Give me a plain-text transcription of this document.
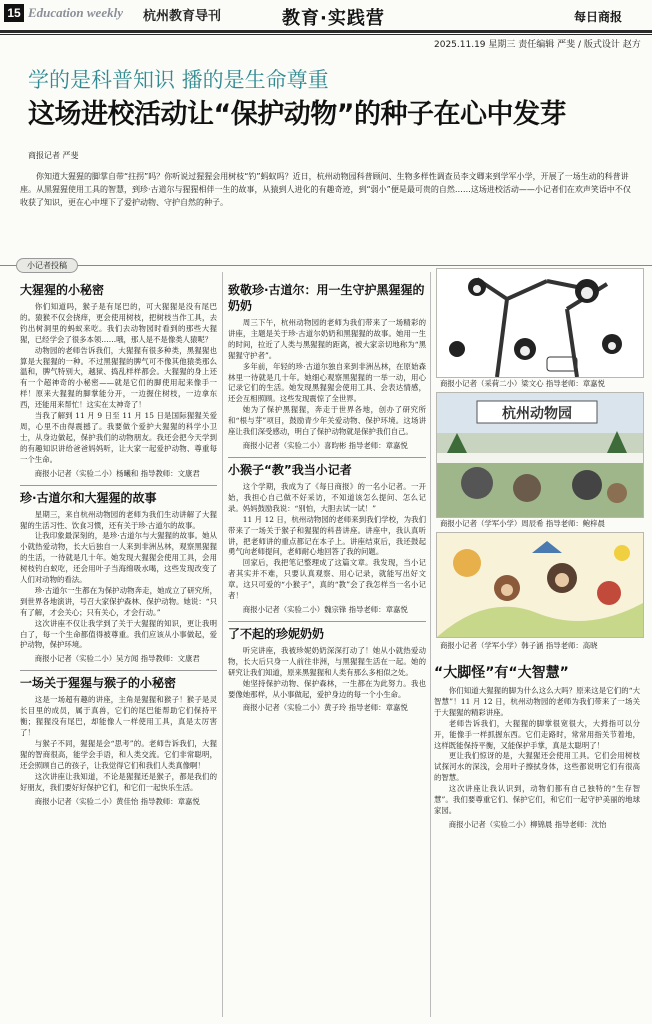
15 Education weekly 杭州教育导刊	教育·实践营	每日商报
2025.11.19 星期三 责任编辑 严斐 / 版式设计 赵方
学的是科普知识 播的是生命尊重
这场进校活动让“保护动物”的种子在心中发芽
商报记者 严斐
你知道大猩猩的脚掌自带“拄拐”吗？你听说过猩猩会用树枝“钓”蚂蚁吗？近日，杭州动物园科普顾问、生物多样性调查员李文卿来到学军小学，开展了一场生动的科普讲座。从黑猩猩使用工具的智慧，到珍·古道尔与猩猩相伴一生的故事，从猿到人进化的有趣奇迹，到“弱小”便是最可贵的自然……这场进校活动——小记者们在欢声笑语中不仅收获了知识，更在心中埋下了爱护动物、守护自然的种子。
小记者投稿
大猩猩的小秘密

你们知道吗，猴子是有尾巴的，可大猩猩是没有尾巴的。猿猴不仅会挠痒，更会使用树枝，把树枝当作工具，去钓出树洞里的蚂蚁来吃。我们去动物园时看到的那些大猩猩，已经学会了很多本领……哦，那人是不是像类人猿呢？

动物园的老师告诉我们，大猩猩有很多种类，黑猩猩也算是大猩猩的一种。不过黑猩猩的脾气可不像其他猿类那么温和，脾气特别大，越狱、捣乱样样都会。大猩猩的身上还有一个超神奇的小秘密——就是它们的脚使用起来像手一样！原来大猩猩的脚掌能分开，一边握住树枝，一边拿东西，还能用来帮忙！这实在太神奇了！

当我了解到 11 月 9 日至 11 月 15 日是国际猩猩关爱周，心里不由得震撼了。我要做个爱护大猩猩的科学小卫士，从身边做起，保护我们的动物朋友。我还会把今天学到的有趣知识讲给爸爸妈妈听，让大家一起爱护动物、尊重每一个生命。

商报小记者（实验二小）杨曦和 指导教师：文康君
珍·古道尔和大猩猩的故事

星期三，来自杭州动物园的老师为我们生动讲解了大猩猩的生活习性、饮食习惯，还有关于珍·古道尔的故事。

让我印象最深刻的，是珍·古道尔与大猩猩的故事。她从小就热爱动物，长大后独自一人来到非洲丛林，观察黑猩猩的生活，一待就是几十年。她发现大猩猩会使用工具，会用树枝钓白蚁吃，还会用叶子当海绵吸水喝，这些发现改变了人们对动物的看法。

珍·古道尔一生都在为保护动物奔走，她成立了研究所，到世界各地演讲，号召大家保护森林、保护动物。她说：“只有了解，才会关心；只有关心，才会行动。”

这次讲座不仅让我学到了关于大猩猩的知识，更让我明白了，每一个生命都值得被尊重。我们应该从小事做起，爱护动物，保护环境。

商报小记者（实验二小）吴方闻 指导教师：文康君
一场关于猩猩与猴子的小秘密

这是一场超有趣的讲座，主角是猩猩和猴子！猴子是灵长目里的成员，属于真兽，它们的尾巴能帮助它们保持平衡；猩猩没有尾巴，却能像人一样使用工具，真是太厉害了！

与猴子不同，猩猩是会“思考”的。老师告诉我们，大猩猩的智商很高，能学会手语，和人类交流。它们非常聪明，还会照顾自己的孩子，让我觉得它们和我们人类真像啊！

这次讲座让我知道，不论是猩猩还是猴子，都是我们的好朋友，我们要好好保护它们，和它们一起快乐生活。

商报小记者（实验二小）黄佳怡 指导教师：章嘉悦
致敬珍·古道尔：用一生守护黑猩猩的奶奶

周三下午，杭州动物园的老师为我们带来了一场精彩的讲座，主题是关于珍·古道尔奶奶和黑猩猩的故事。她用一生的时间，拉近了人类与黑猩猩的距离，被大家亲切地称为“黑猩猩守护者”。

多年前，年轻的珍·古道尔独自来到非洲丛林，在原始森林里一待就是几十年。她细心观察黑猩猩的一举一动，用心记录它们的生活。她发现黑猩猩会使用工具、会表达情感，还会互相照顾。这些发现震惊了全世界。

她为了保护黑猩猩，奔走于世界各地，创办了研究所和“根与芽”项目，鼓励青少年关爱动物、保护环境。这场讲座让我们深受感动，明白了保护动物就是保护我们自己。

商报小记者（实验二小）喜昀彬 指导老师：章嘉悦
小猴子“教”我当小记者

这个学期，我成为了《每日商报》的一名小记者。一开始，我担心自己做不好采访，不知道该怎么提问、怎么记录。妈妈鼓励我说：“别怕，大胆去试一试！”

11 月 12 日，杭州动物园的老师来到我们学校，为我们带来了一场关于猴子和猩猩的科普讲座。讲座中，我认真听讲，把老师讲的重点都记在本子上。讲座结束后，我还鼓起勇气向老师提问，老师耐心地回答了我的问题。

回家后，我把笔记整理成了这篇文章。我发现，当小记者其实并不难，只要认真观察、用心记录，就能写出好文章。这只可爱的“小猴子”，真的“教”会了我怎样当一名小记者！

商报小记者（实验二小）魏宗锋 指导老师：章嘉悦
了不起的珍妮奶奶

听完讲座，我被珍妮奶奶深深打动了！她从小就热爱动物，长大后只身一人前往非洲，与黑猩猩生活在一起。她的研究让我们知道，原来黑猩猩和人类有那么多相似之处。

她坚持保护动物、保护森林，一生都在为此努力。我也要像她那样，从小事做起，爱护身边的每一个小生命。

商报小记者（实验二小）黄子玲 指导老师：章嘉悦
商报小记者（采荷二小）梁文心 指导老师：章嘉悦
杭州动物园
商报小记者（学军小学）周辰希 指导老师：鲍梓晨
商报小记者（学军小学）韩子涵 指导老师：高晓
“大脚怪”有“大智慧”

你们知道大猩猩的脚为什么这么大吗？原来这是它们的“大智慧”！11 月 12 日，杭州动物园的老师为我们带来了一场关于大猩猩的精彩讲座。

老师告诉我们，大猩猩的脚掌很宽很大，大拇指可以分开，能像手一样抓握东西。它们走路时，常常用指关节着地，这样既能保持平衡，又能保护手掌，真是太聪明了！

更让我们惊讶的是，大猩猩还会使用工具。它们会用树枝试探河水的深浅，会用叶子擦拭身体，这些都说明它们有很高的智慧。

这次讲座让我认识到，动物们都有自己独特的“生存智慧”。我们要尊重它们、保护它们，和它们一起守护美丽的地球家园。

商报小记者（实验二小）柳锦晨 指导老师：沈怡
